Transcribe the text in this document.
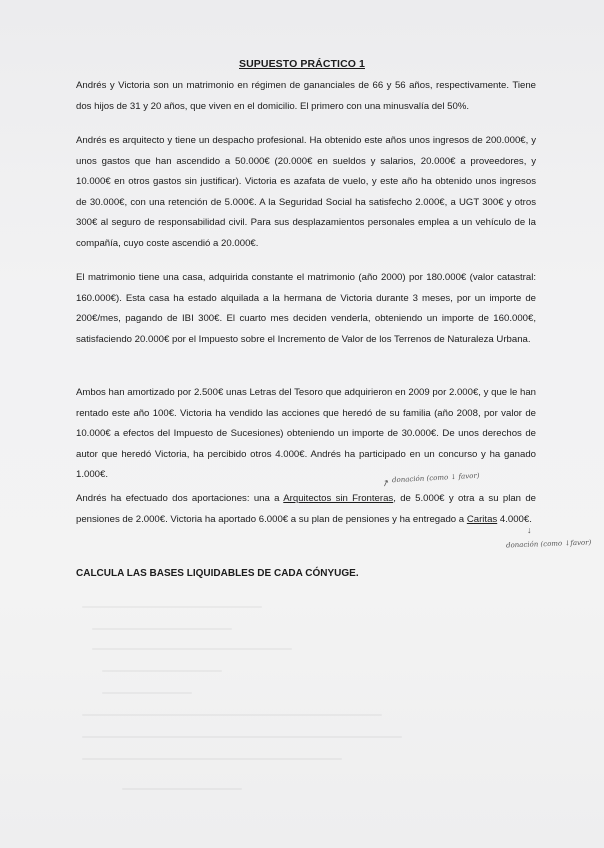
SUPUESTO PRÁCTICO 1
Andrés y Victoria son un matrimonio en régimen de gananciales de 66 y 56 años, respectivamente. Tiene dos hijos de 31 y 20 años, que viven en el domicilio. El primero con una minusvalía del 50%.
Andrés es arquitecto y tiene un despacho profesional. Ha obtenido este años unos ingresos de 200.000€, y unos gastos que han ascendido a 50.000€ (20.000€ en sueldos y salarios, 20.000€ a proveedores, y 10.000€ en otros gastos sin justificar). Victoria es azafata de vuelo, y este año ha obtenido unos ingresos de 30.000€, con una retención de 5.000€. A la Seguridad Social ha satisfecho 2.000€, a UGT 300€ y otros 300€ al seguro de responsabilidad civil. Para sus desplazamientos personales emplea a un vehículo de la compañía, cuyo coste ascendió a 20.000€.
El matrimonio tiene una casa, adquirida constante el matrimonio (año 2000) por 180.000€ (valor catastral: 160.000€). Esta casa ha estado alquilada a la hermana de Victoria durante 3 meses, por un importe de 200€/mes, pagando de IBI 300€. El cuarto mes deciden venderla, obteniendo un importe de 160.000€, satisfaciendo 20.000€ por el Impuesto sobre el Incremento de Valor de los Terrenos de Naturaleza Urbana.
Ambos han amortizado por 2.500€ unas Letras del Tesoro que adquirieron en 2009 por 2.000€, y que le han rentado este año 100€. Victoria ha vendido las acciones que heredó de su familia (año 2008, por valor de 10.000€ a efectos del Impuesto de Sucesiones) obteniendo un importe de 30.000€. De unos derechos de autor que heredó Victoria, ha percibido otros 4.000€. Andrés ha participado en un concurso y ha ganado 1.000€.
Andrés ha efectuado dos aportaciones: una a Arquitectos sin Fronteras, de 5.000€ y otra a su plan de pensiones de 2.000€. Victoria ha aportado 6.000€ a su plan de pensiones y ha entregado a Caritas 4.000€.
CALCULA LAS BASES LIQUIDABLES DE CADA CÓNYUGE.
↗ donación (como ↓ favor)
↓
donación (como ↓favor)
